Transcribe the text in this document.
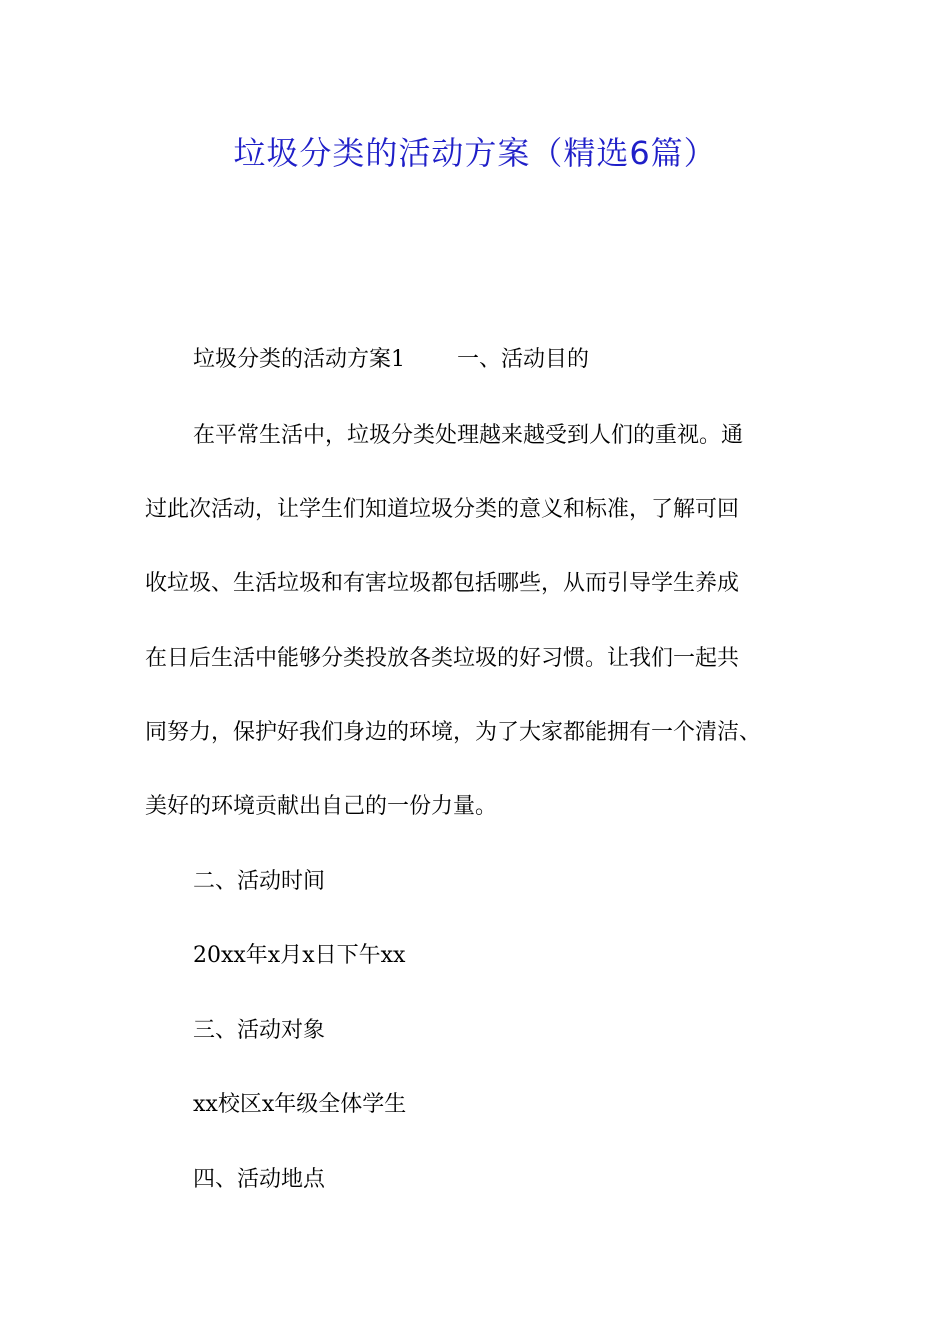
垃圾分类的活动方案（精选6篇）
垃圾分类的活动方案1 一、活动目的
在平常生活中，垃圾分类处理越来越受到人们的重视。通
过此次活动，让学生们知道垃圾分类的意义和标准，了解可回
收垃圾、生活垃圾和有害垃圾都包括哪些，从而引导学生养成
在日后生活中能够分类投放各类垃圾的好习惯。让我们一起共
同努力，保护好我们身边的环境，为了大家都能拥有一个清洁、
美好的环境贡献出自己的一份力量。
二、活动时间
20xx年x月x日下午xx
三、活动对象
xx校区x年级全体学生
四、活动地点
